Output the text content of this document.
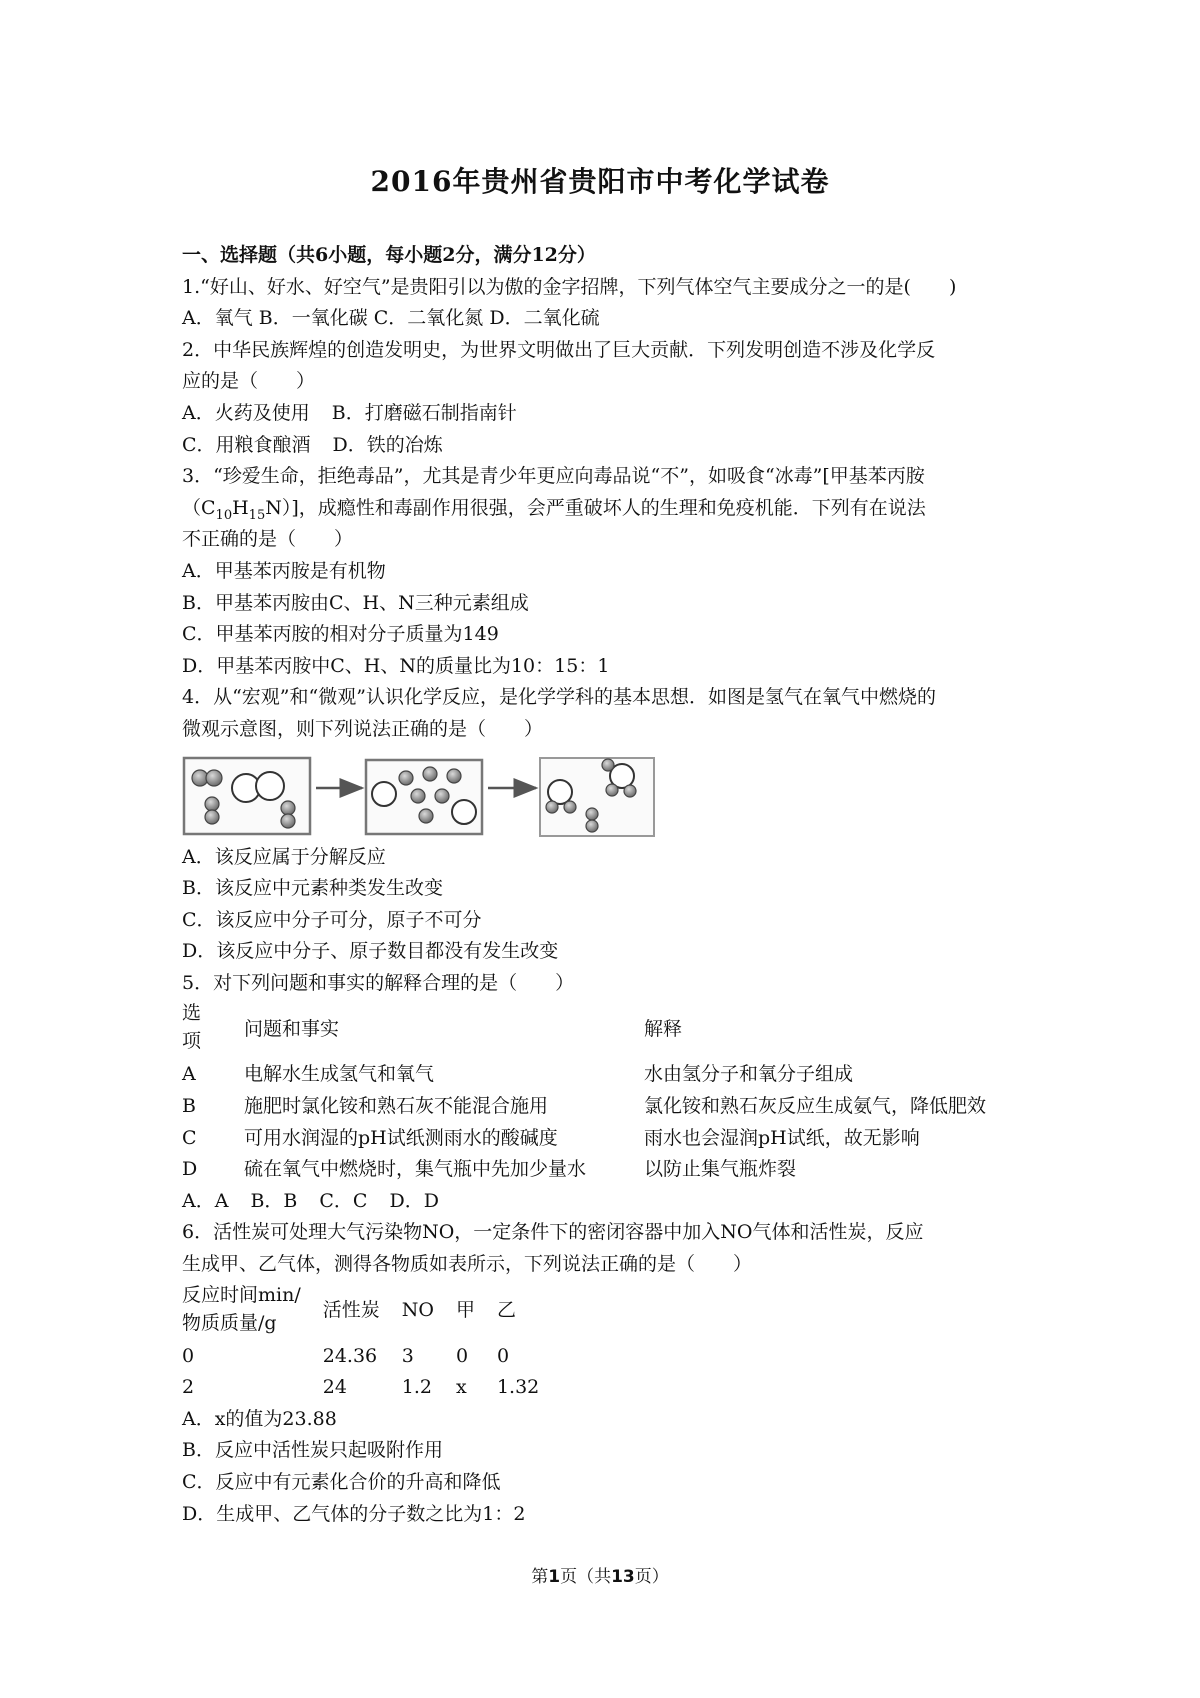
2016年贵州省贵阳市中考化学试卷
一、选择题（共6小题，每小题2分，满分12分）
1.“好山、好水、好空气”是贵阳引以为傲的金字招牌，下列气体空气主要成分之一的是(　　)
A．氧气 B．一氧化碳 C．二氧化氮 D．二氧化硫
2．中华民族辉煌的创造发明史，为世界文明做出了巨大贡献．下列发明创造不涉及化学反
应的是（　　）
A．火药及使用 B．打磨磁石制指南针
C．用粮食酿酒 D．铁的冶炼
3．“珍爱生命，拒绝毒品”，尤其是青少年更应向毒品说“不”，如吸食“冰毒”[甲基苯丙胺
$(C_{10}H_{15}N)$]，成瘾性和毒副作用很强，会严重破坏人的生理和免疫机能．下列有在说法
不正确的是（　　）
A．甲基苯丙胺是有机物
B．甲基苯丙胺由C、H、N三种元素组成
C．甲基苯丙胺的相对分子质量为149
D．甲基苯丙胺中C、H、N的质量比为10：15：1
4．从“宏观”和“微观”认识化学反应，是化学学科的基本思想．如图是氢气在氧气中燃烧的
微观示意图，则下列说法正确的是（　　）
A．该反应属于分解反应
B．该反应中元素种类发生改变
C．该反应中分子可分，原子不可分
D．该反应中分子、原子数目都没有发生改变
5．对下列问题和事实的解释合理的是（　　）
选
项	问题和事实	解释
A	电解水生成氢气和氧气	水由氢分子和氧分子组成
B	施肥时氯化铵和熟石灰不能混合施用	氯化铵和熟石灰反应生成氨气，降低肥效
C	可用水润湿的pH试纸测雨水的酸碱度	雨水也会湿润pH试纸，故无影响
D	硫在氧气中燃烧时，集气瓶中先加少量水	以防止集气瓶炸裂
A．A B．B C．C D．D
6．活性炭可处理大气污染物NO，一定条件下的密闭容器中加入NO气体和活性炭，反应
生成甲、乙气体，测得各物质如表所示，下列说法正确的是（　　）
反应时间min/
物质质量/g	活性炭	NO	甲	乙
0	24.36	3	0	0
2	24	1.2	x	1.32
A．x的值为23.88
B．反应中活性炭只起吸附作用
C．反应中有元素化合价的升高和降低
D．生成甲、乙气体的分子数之比为1：2
第1页（共13页）
